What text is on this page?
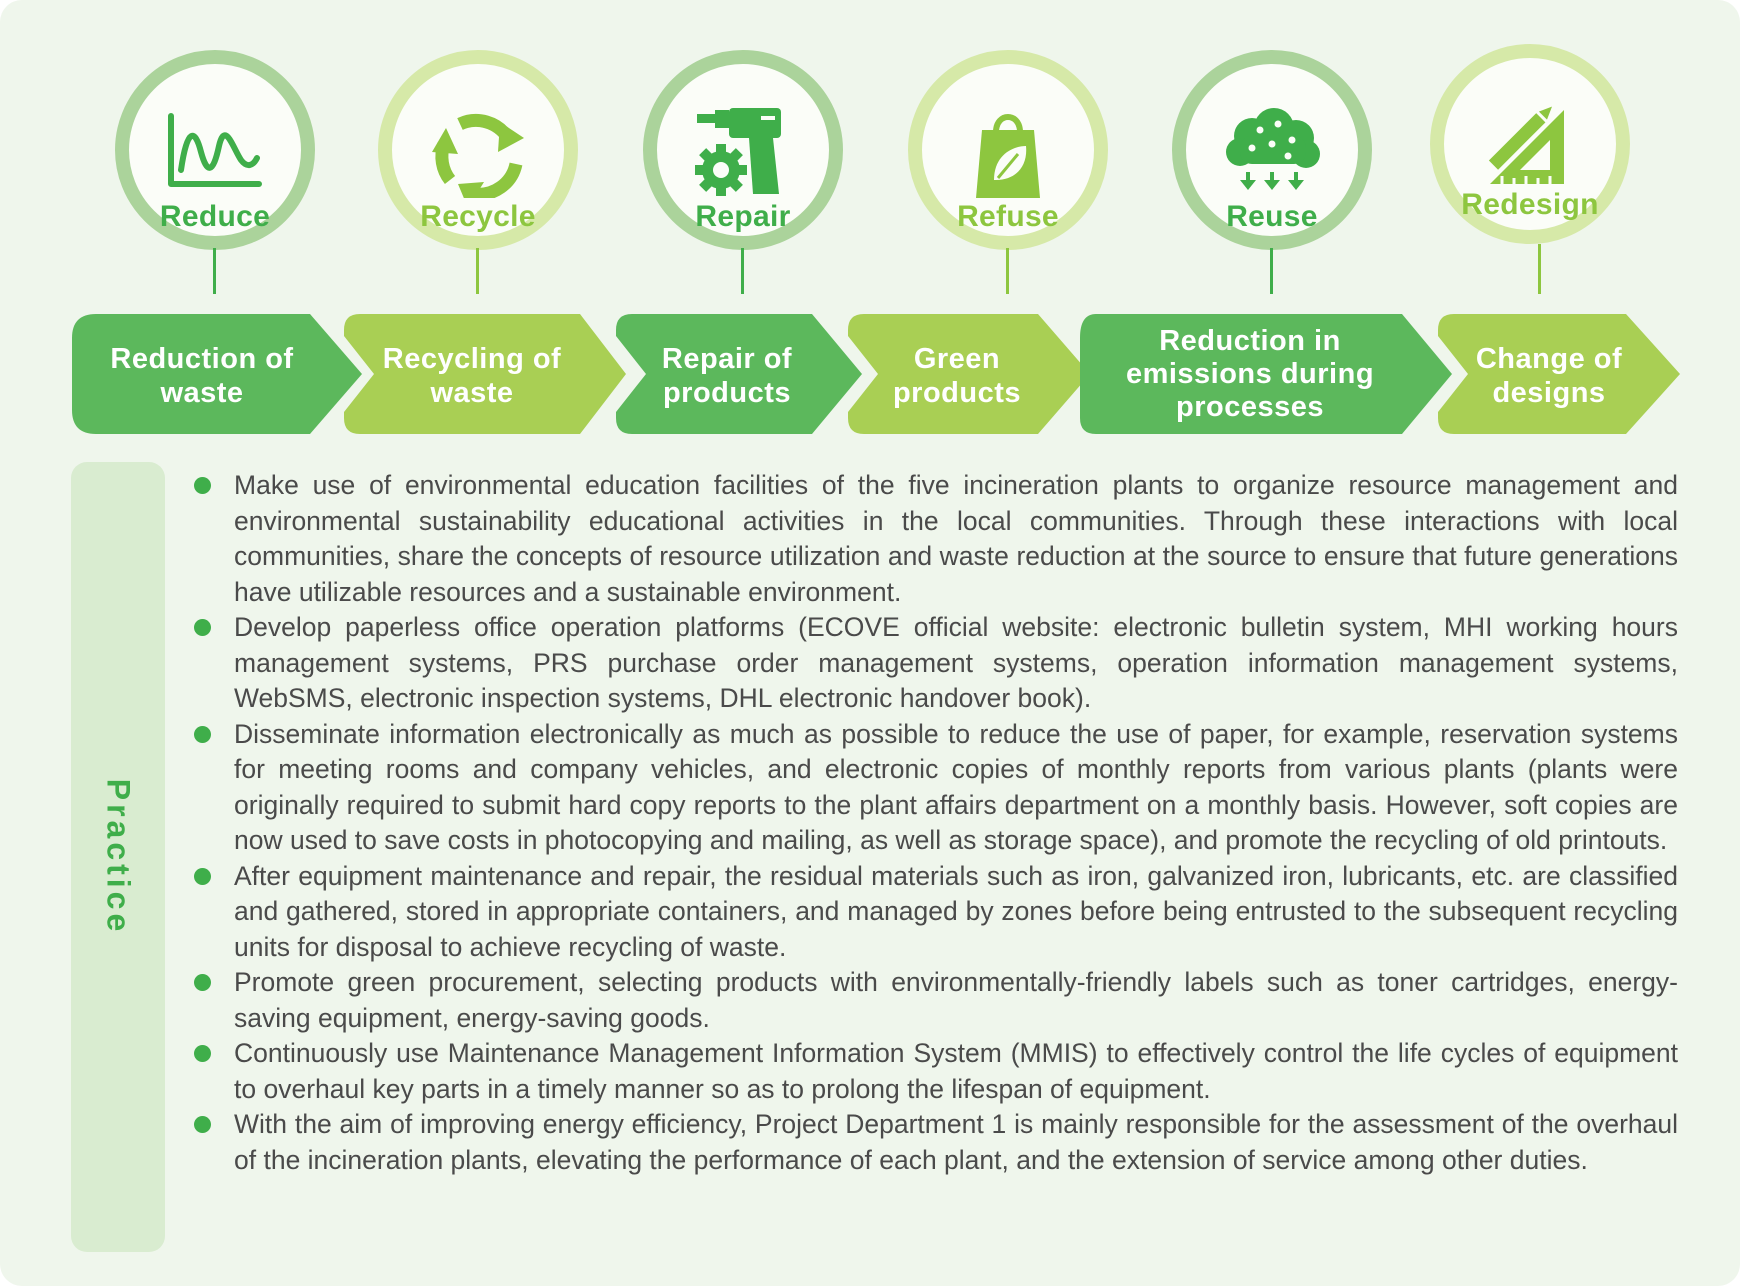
Reduce	Recycle	Repair	Refuse	Reuse	Redesign
Reduction of
waste
Recycling of
waste
Repair of
products
Green
products
Reduction in
emissions during
processes
Change of
designs
Practice
Make use of environmental education facilities of the five incineration plants to organize resource management and environmental sustainability educational activities in the local communities. Through these interactions with local communities, share the concepts of resource utilization and waste reduction at the source to ensure that future generations have utilizable resources and a sustainable environment.
Develop paperless office operation platforms (ECOVE official website: electronic bulletin system, MHI working hours management systems, PRS purchase order management systems, operation information management systems, WebSMS, electronic inspection systems, DHL electronic handover book).
Disseminate information electronically as much as possible to reduce the use of paper, for example, reservation systems for meeting rooms and company vehicles, and electronic copies of monthly reports from various plants (plants were originally required to submit hard copy reports to the plant affairs department on a monthly basis. However, soft copies are now used to save costs in photocopying and mailing, as well as storage space), and promote the recycling of old printouts.
After equipment maintenance and repair, the residual materials such as iron, galvanized iron, lubricants, etc. are classified and gathered, stored in appropriate containers, and managed by zones before being entrusted to the subsequent recycling units for disposal to achieve recycling of waste.
Promote green procurement, selecting products with environmentally-friendly labels such as toner cartridges, energy-saving equipment, energy-saving goods.
Continuously use Maintenance Management Information System (MMIS) to effectively control the life cycles of equipment to overhaul key parts in a timely manner so as to prolong the lifespan of equipment.
With the aim of improving energy efficiency, Project Department 1 is mainly responsible for the assessment of the overhaul of the incineration plants, elevating the performance of each plant, and the extension of service among other duties.
